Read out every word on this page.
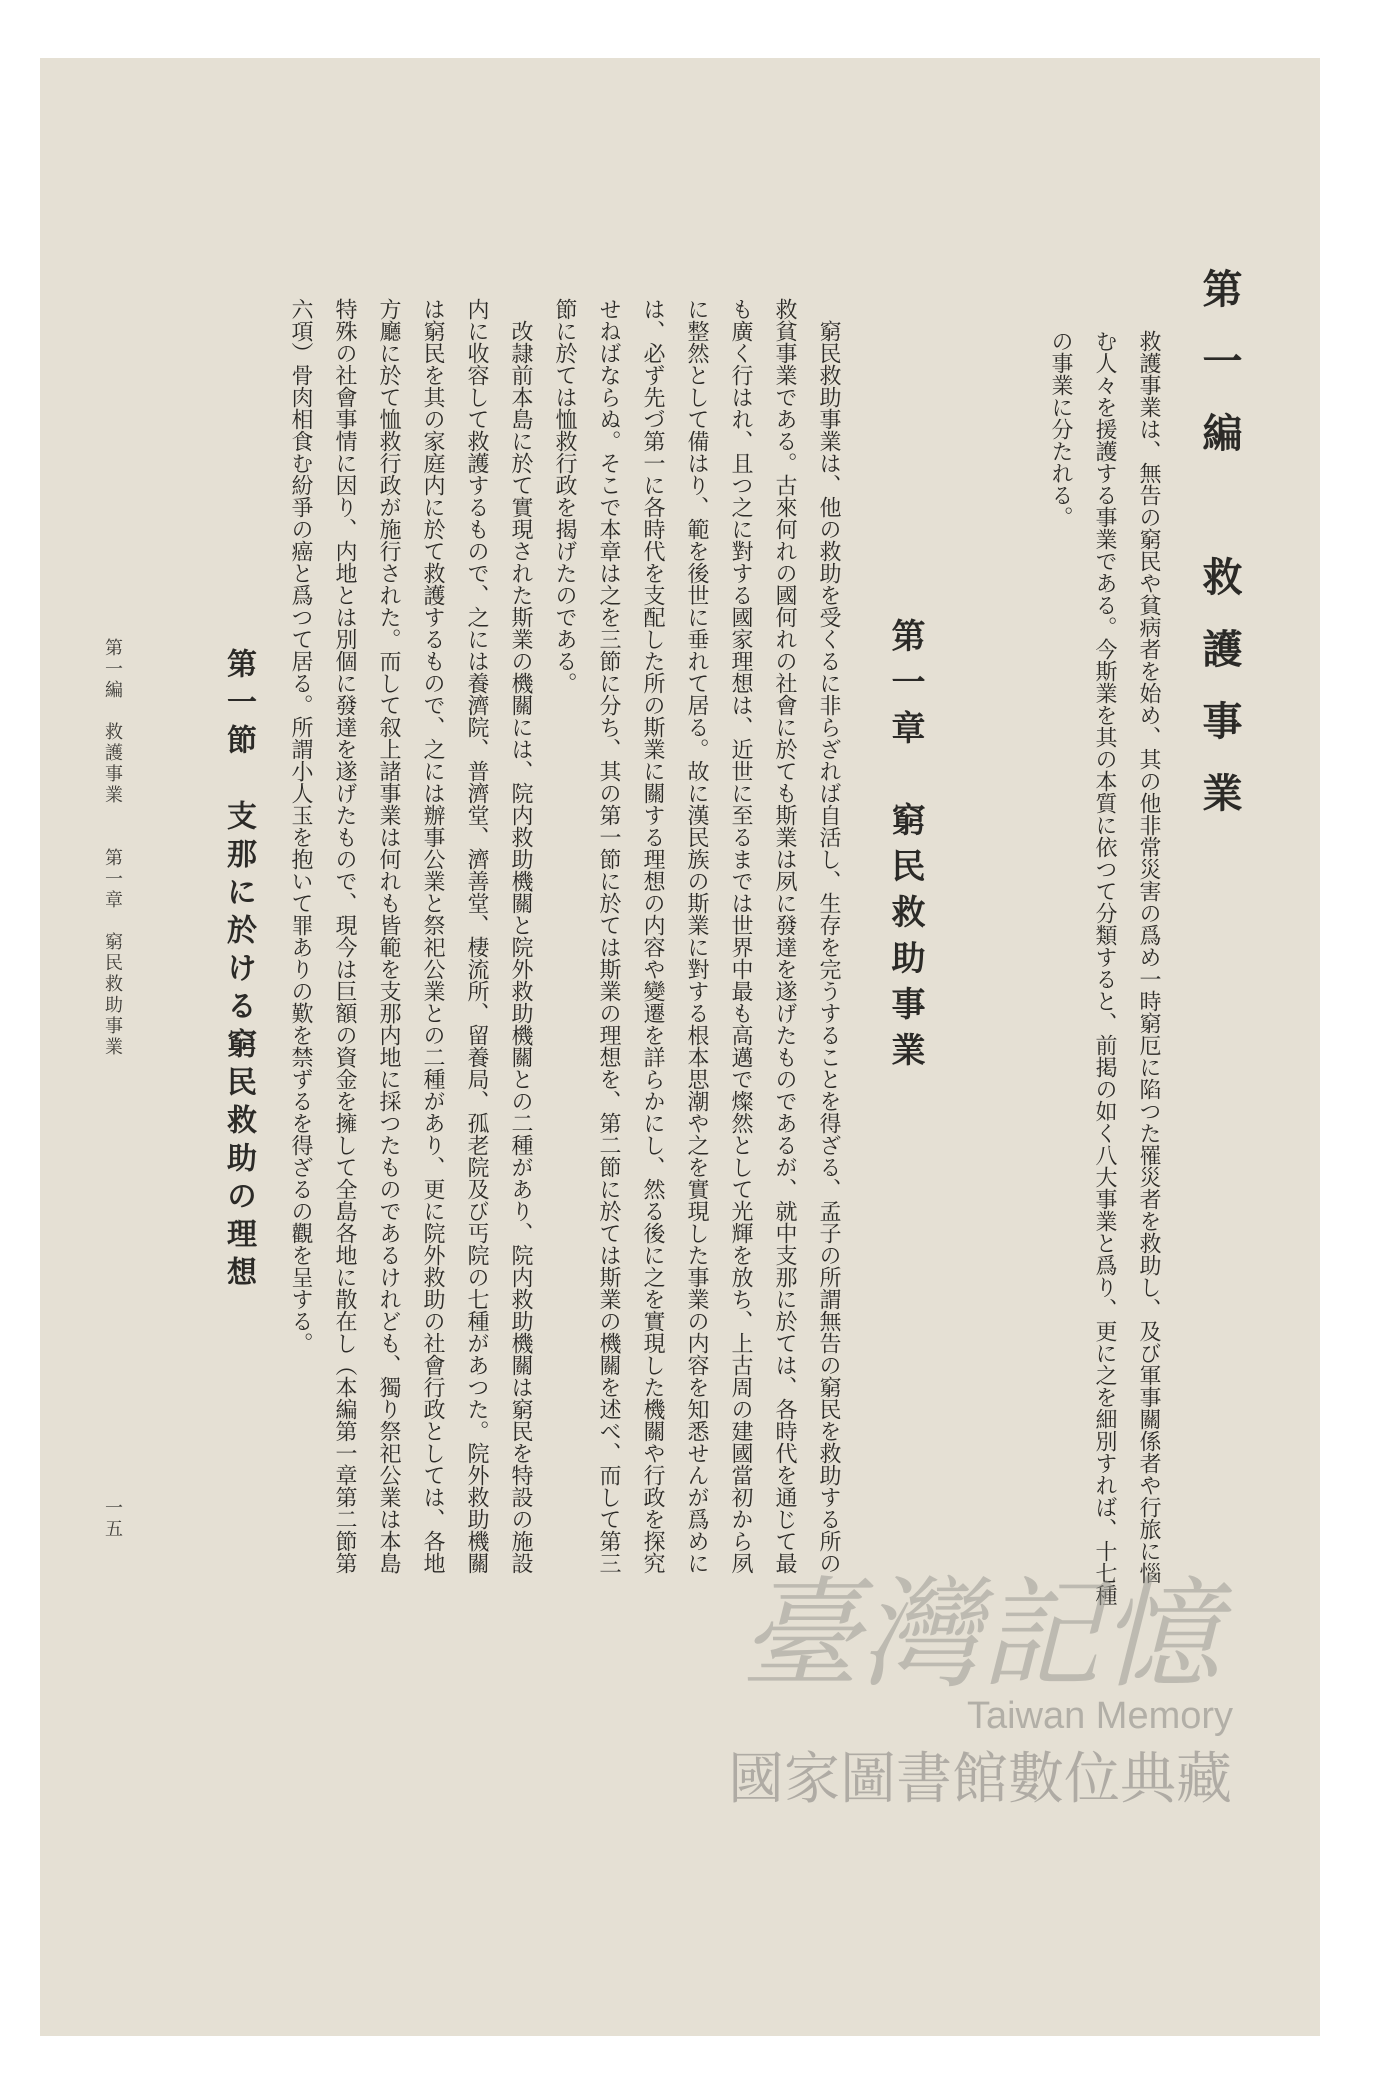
第一編　救護事業
救護事業は、無告の窮民や貧病者を始め、其の他非常災害の爲め一時窮厄に陷つた罹災者を救助し、及び軍事關係者や行旅に惱
む人々を援護する事業である。今斯業を其の本質に依つて分類すると、前掲の如く八大事業と爲り、更に之を細別すれば、十七種
の事業に分たれる。
第一章　窮民救助事業
　窮民救助事業は、他の救助を受くるに非らざれば自活し、生存を完うすることを得ざる、孟子の所謂無告の窮民を救助する所の
救貧事業である。古來何れの國何れの社會に於ても斯業は夙に發達を遂げたものであるが、就中支那に於ては、各時代を通じて最
も廣く行はれ、且つ之に對する國家理想は、近世に至るまでは世界中最も高邁で燦然として光輝を放ち、上古周の建國當初から夙
に整然として備はり、範を後世に垂れて居る。故に漢民族の斯業に對する根本思潮や之を實現した事業の内容を知悉せんが爲めに
は、必ず先づ第一に各時代を支配した所の斯業に關する理想の内容や變遷を詳らかにし、然る後に之を實現した機關や行政を探究
せねばならぬ。そこで本章は之を三節に分ち、其の第一節に於ては斯業の理想を、第二節に於ては斯業の機關を述べ、而して第三
節に於ては恤救行政を揭げたのである。
　改隷前本島に於て實現された斯業の機關には、院内救助機關と院外救助機關との二種があり、院内救助機關は窮民を特設の施設
内に收容して救護するもので、之には養濟院、普濟堂、濟善堂、棲流所、留養局、孤老院及び丐院の七種があつた。院外救助機關
は窮民を其の家庭内に於て救護するもので、之には辦事公業と祭祀公業との二種があり、更に院外救助の社會行政としては、各地
方廳に於て恤救行政が施行された。而して叙上諸事業は何れも皆範を支那内地に採つたものであるけれども、獨り祭祀公業は本島
特殊の社會事情に因り、内地とは別個に發達を遂げたもので、現今は巨額の資金を擁して全島各地に散在し（本編第一章第二節第
六項）骨肉相食む紛爭の癌と爲つて居る。所謂小人玉を抱いて罪ありの歎を禁ずるを得ざるの觀を呈する。
第一節　支那に於ける窮民救助の理想
第一編　救護事業　　第一章　窮民救助事業
一五
臺灣記憶
Taiwan Memory
國家圖書館數位典藏
